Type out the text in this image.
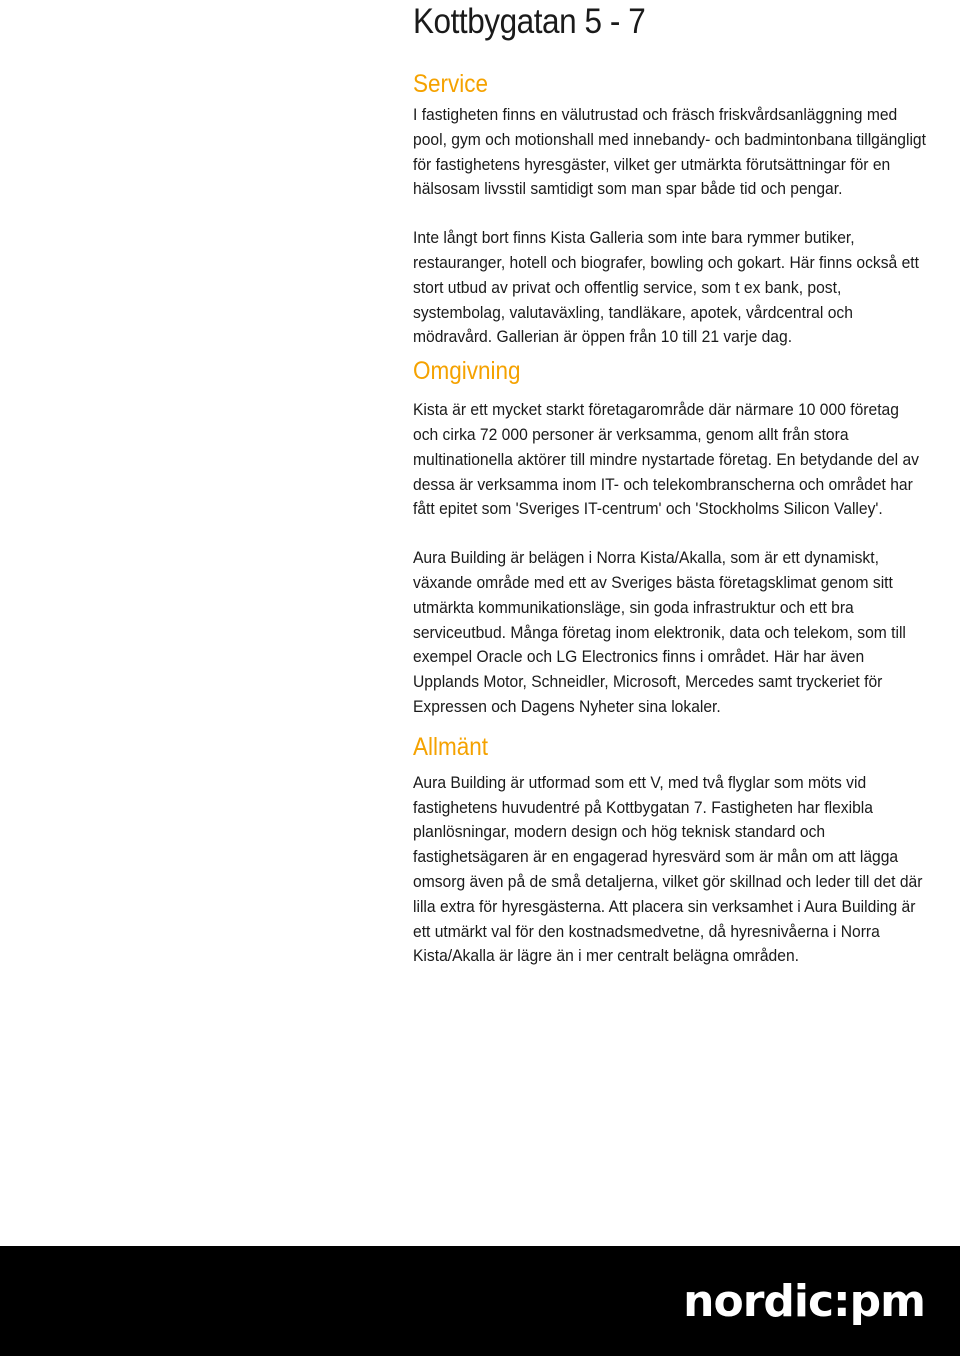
Kottbygatan 5 - 7
Service

I fastigheten finns en välutrustad och fräsch friskvårdsanläggning med pool, gym och motionshall med innebandy- och badmintonbana tillgängligt för fastighetens hyresgäster, vilket ger utmärkta förutsättningar för en hälsosam livsstil samtidigt som man spar både tid och pengar.

Inte långt bort finns Kista Galleria som inte bara rymmer butiker, restauranger, hotell och biografer, bowling och gokart. Här finns också ett stort utbud av privat och offentlig service, som t ex bank, post, systembolag, valutaväxling, tandläkare, apotek, vårdcentral och mödravård. Gallerian är öppen från 10 till 21 varje dag.

Omgivning

Kista är ett mycket starkt företagarområde där närmare 10 000 företag och cirka 72 000 personer är verksamma, genom allt från stora multinationella aktörer till mindre nystartade företag. En betydande del av dessa är verksamma inom IT- och telekombranscherna och området har fått epitet som 'Sveriges IT-centrum' och 'Stockholms Silicon Valley'.

Aura Building är belägen i Norra Kista/Akalla, som är ett dynamiskt, växande område med ett av Sveriges bästa företagsklimat genom sitt utmärkta kommunikationsläge, sin goda infrastruktur och ett bra serviceutbud. Många företag inom elektronik, data och telekom, som till exempel Oracle och LG Electronics finns i området. Här har även Upplands Motor, Schneidler, Microsoft, Mercedes samt tryckeriet för Expressen och Dagens Nyheter sina lokaler.

Allmänt

Aura Building är utformad som ett V, med två flyglar som möts vid fastighetens huvudentré på Kottbygatan 7. Fastigheten har flexibla planlösningar, modern design och hög teknisk standard och fastighetsägaren är en engagerad hyresvärd som är mån om att lägga omsorg även på de små detaljerna, vilket gör skillnad och leder till det där lilla extra för hyresgästerna. Att placera sin verksamhet i Aura Building är ett utmärkt val för den kostnadsmedvetne, då hyresnivåerna i Norra Kista/Akalla är lägre än i mer centralt belägna områden.

nordic:pm
